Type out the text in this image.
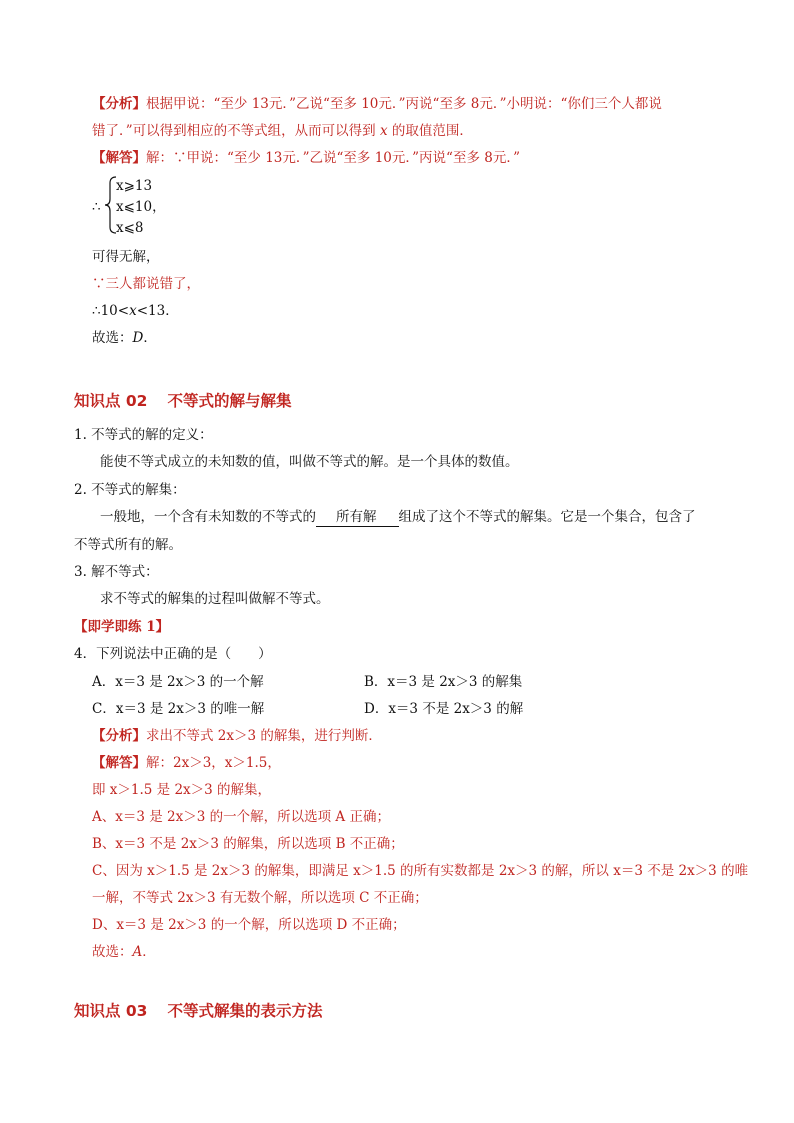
【分析】根据甲说：“至少 13元．”乙说“至多 10元．”丙说“至多 8元．”小明说：“你们三个人都说
错了．”可以得到相应的不等式组，从而可以得到 x 的取值范围．
【解答】解：∵甲说：“至少 13元．”乙说“至多 10元．”丙说“至多 8元．”
∴
x⩾13
x⩽10，
x⩽8
可得无解，
∵三人都说错了，
∴10<x<13．
故选：D．
知识点 02 不等式的解与解集
1. 不等式的解的定义：
能使不等式成立的未知数的值，叫做不等式的解。是一个具体的数值。
2. 不等式的解集：
一般地，一个含有未知数的不等式的 所有解 组成了这个不等式的解集。它是一个集合，包含了
不等式所有的解。
3. 解不等式：
求不等式的解集的过程叫做解不等式。
【即学即练 1】
4．下列说法中正确的是（　　）
A．x＝3 是 2x＞3 的一个解	B．x＝3 是 2x＞3 的解集
C．x＝3 是 2x＞3 的唯一解	D．x＝3 不是 2x＞3 的解
【分析】求出不等式 2x＞3 的解集，进行判断．
【解答】解：2x＞3，x＞1.5，
即 x＞1.5 是 2x＞3 的解集，
A、x＝3 是 2x＞3 的一个解，所以选项 A 正确；
B、x＝3 不是 2x＞3 的解集，所以选项 B 不正确；
C、因为 x＞1.5 是 2x＞3 的解集，即满足 x＞1.5 的所有实数都是 2x＞3 的解，所以 x＝3 不是 2x＞3 的唯
一解，不等式 2x＞3 有无数个解，所以选项 C 不正确；
D、x＝3 是 2x＞3 的一个解，所以选项 D 不正确；
故选：A．
知识点 03 不等式解集的表示方法
